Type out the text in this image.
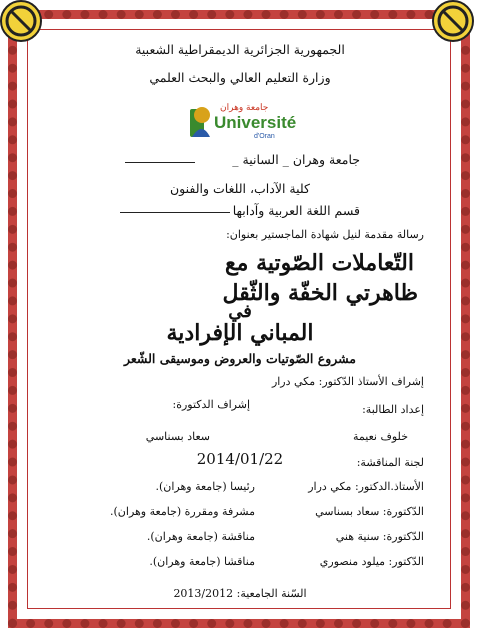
الجمهورية الجزائرية الديمقراطية الشعبية
وزارة التعليم العالي والبحث العلمي
جامعة وهران
Université
d'Oran
جامعة وهران _ السانية _
كلية الآداب، اللغات والفنون
قسم اللغة العربية وآدابها
رسالة مقدمة لنيل شهادة الماجستير بعنوان:
التّعاملات الصّوتية مع
ظاهرتي الخفّة والثّقل
في
المباني الإفرادية
مشروع الصّوتيات والعروض وموسيقى الشّعر
إشراف الأستاذ الدّكتور: مكي درار
إعداد الطالبة:
إشراف الدكتورة:
خلوف نعيمة
سعاد بسناسي
لجنة المناقشة:
2014/01/22
الأستاذ.الدكتور: مكي درار
رئيسا (جامعة وهران).
الدّكتورة: سعاد بسناسي
مشرفة ومقررة (جامعة وهران).
الدّكتورة: سنية هني
مناقشة (جامعة وهران).
الدّكتور: ميلود منصوري
مناقشا (جامعة وهران).
السّنة الجامعية: 2013/2012
